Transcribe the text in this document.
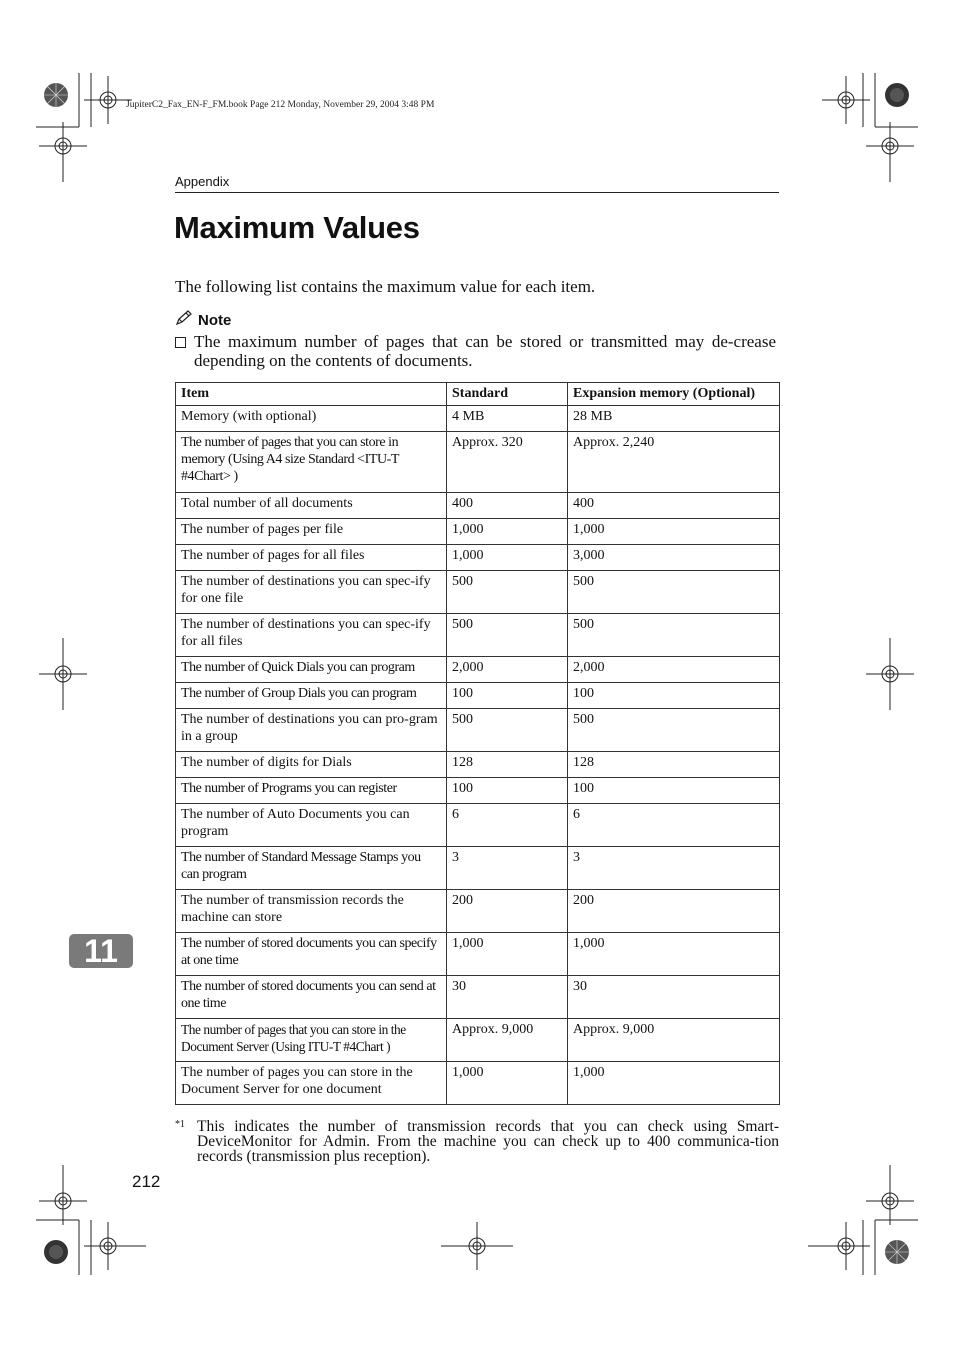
JupiterC2_Fax_EN-F_FM.book Page 212 Monday, November 29, 2004 3:48 PM
Appendix
Maximum Values
The following list contains the maximum value for each item.
Note
The maximum number of pages that can be stored or transmitted may de-crease depending on the contents of documents.
Item	Standard	Expansion memory (Optional)
Memory (with optional)	4 MB	28 MB
The number of pages that you can store in memory (Using A4 size Standard <ITU-T #4Chart> )	Approx. 320	Approx. 2,240
Total number of all documents	400	400
The number of pages per file	1,000	1,000
The number of pages for all files	1,000	3,000
The number of destinations you can spec-ify for one file	500	500
The number of destinations you can spec-ify for all files	500	500
The number of Quick Dials you can program	2,000	2,000
The number of Group Dials you can program	100	100
The number of destinations you can pro-gram in a group	500	500
The number of digits for Dials	128	128
The number of Programs you can register	100	100
The number of Auto Documents you can program	6	6
The number of Standard Message Stamps you can program	3	3
The number of transmission records the machine can store	200	200
The number of stored documents you can specify at one time	1,000	1,000
The number of stored documents you can send at one time	30	30
The number of pages that you can store in the Document Server (Using ITU-T #4Chart )	Approx. 9,000	Approx. 9,000
The number of pages you can store in the Document Server for one document	1,000	1,000
*1 This indicates the number of transmission records that you can check using Smart-DeviceMonitor for Admin. From the machine you can check up to 400 communica-tion records (transmission plus reception).
212
11
